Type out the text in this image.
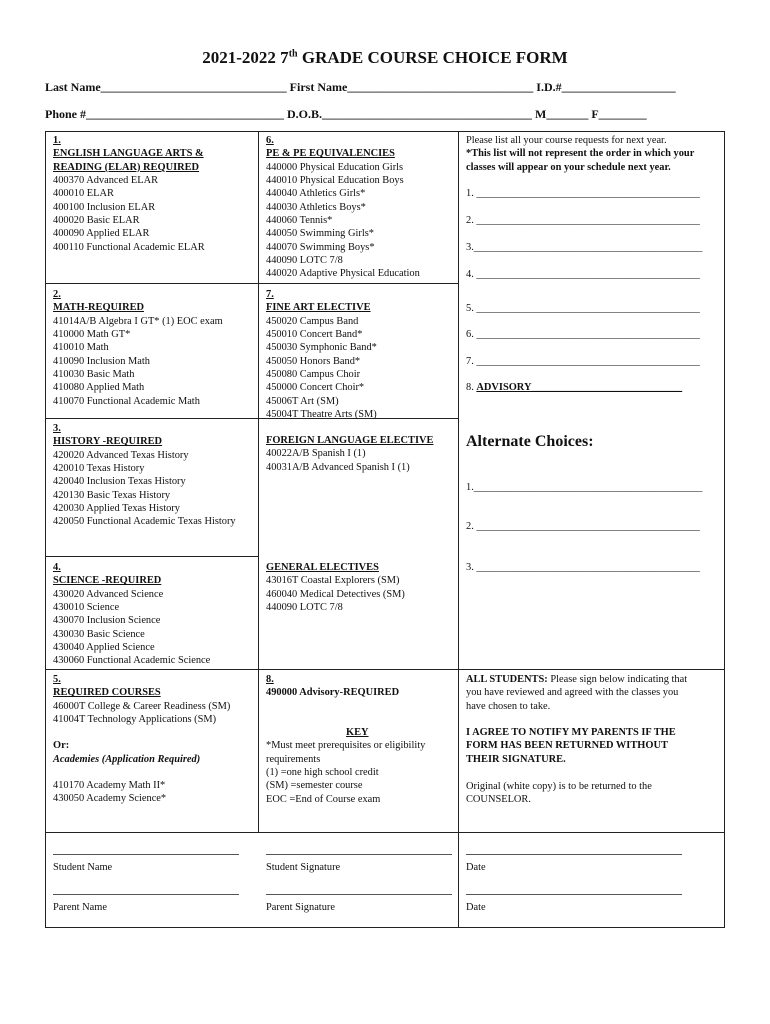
2021-2022 7th GRADE COURSE CHOICE FORM
Last Name_______________________________ First Name_______________________________ I.D.#___________________
Phone #_________________________________ D.O.B.___________________________________ M_______ F________
1.
ENGLISH LANGUAGE ARTS &
READING (ELAR) REQUIRED
400370 Advanced ELAR
400010 ELAR
400100 Inclusion ELAR
400020 Basic ELAR
400090 Applied ELAR
400110 Functional Academic ELAR
2.
MATH-REQUIRED
41014A/B Algebra I GT* (1) EOC exam
410000 Math GT*
410010 Math
410090 Inclusion Math
410030 Basic Math
410080 Applied Math
410070 Functional Academic Math
3.
HISTORY -REQUIRED
420020 Advanced Texas History
420010 Texas History
420040 Inclusion Texas History
420130 Basic Texas History
420030 Applied Texas History
420050 Functional Academic Texas History
4.
SCIENCE -REQUIRED
430020 Advanced Science
430010 Science
430070 Inclusion Science
430030 Basic Science
430040 Applied Science
430060 Functional Academic Science
5.
REQUIRED COURSES
46000T College & Career Readiness (SM)
41004T Technology Applications (SM)
Or:
Academies (Application Required)
410170 Academy Math II*
430050 Academy Science*
6.
PE & PE EQUIVALENCIES
440000 Physical Education Girls
440010 Physical Education Boys
440040 Athletics Girls*
440030 Athletics Boys*
440060 Tennis*
440050 Swimming Girls*
440070 Swimming Boys*
440090 LOTC 7/8
440020 Adaptive Physical Education
7.
FINE ART ELECTIVE
450020 Campus Band
450010 Concert Band*
450030 Symphonic Band*
450050 Honors Band*
450080 Campus Choir
450000 Concert Choir*
45006T Art (SM)
45004T Theatre Arts (SM)
FOREIGN LANGUAGE ELECTIVE
40022A/B Spanish I (1)
40031A/B Advanced Spanish I (1)
GENERAL ELECTIVES
43016T Coastal Explorers (SM)
460040 Medical Detectives (SM)
440090 LOTC 7/8
8.
490000 Advisory-REQUIRED
KEY
*Must meet prerequisites or eligibility
requirements
(1) =one high school credit
(SM) =semester course
EOC =End of Course exam
Please list all your course requests for next year.
*This list will not represent the order in which your
classes will appear on your schedule next year.
1. ___________________________________________
2. ___________________________________________
3.____________________________________________
4. ___________________________________________
5. ___________________________________________
6. ___________________________________________
7. ___________________________________________
8. ADVISORY_____________________________
Alternate Choices:
1.____________________________________________
2. ___________________________________________
3. ___________________________________________
ALL STUDENTS: Please sign below indicating that
you have reviewed and agreed with the classes you
have chosen to take.
I AGREE TO NOTIFY MY PARENTS IF THE
FORM HAS BEEN RETURNED WITHOUT
THEIR SIGNATURE.
Original (white copy) is to be returned to the
COUNSELOR.
Student Name	Student Signature	Date
Parent Name	Parent Signature	Date
